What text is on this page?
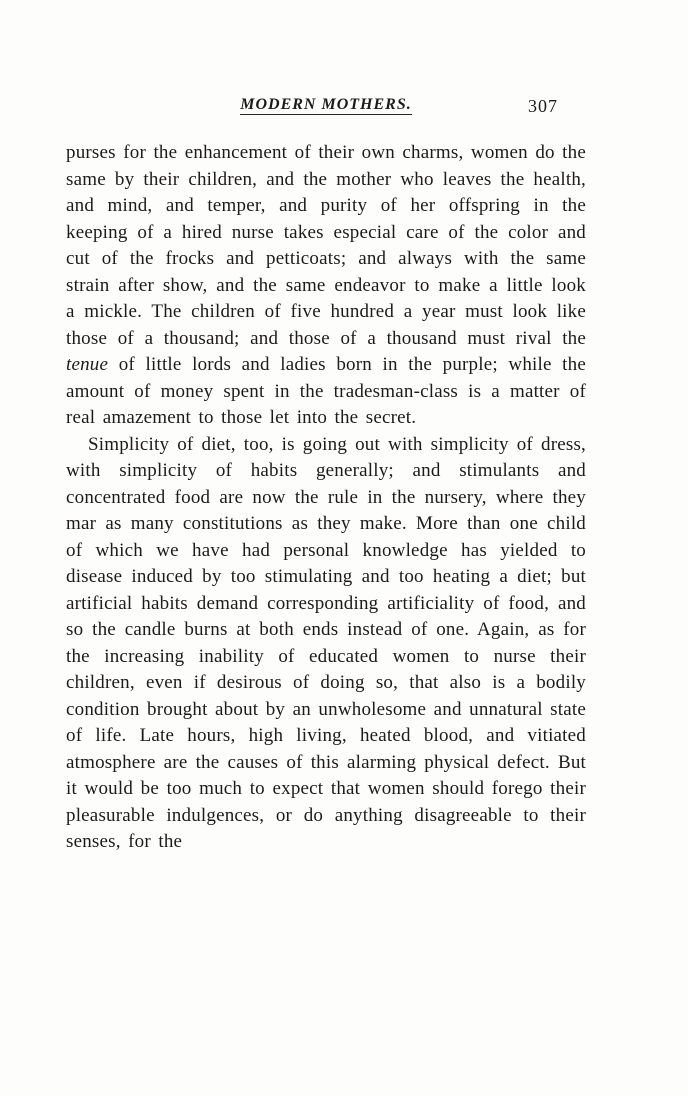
MODERN MOTHERS.	307

purses for the enhancement of their own charms, women do the same by their children, and the mother who leaves the health, and mind, and temper, and purity of her offspring in the keeping of a hired nurse takes especial care of the color and cut of the frocks and petticoats; and always with the same strain after show, and the same endeavor to make a little look a mickle. The children of five hundred a year must look like those of a thousand; and those of a thousand must rival the tenue of little lords and ladies born in the purple; while the amount of money spent in the tradesman-class is a matter of real amazement to those let into the secret.

Simplicity of diet, too, is going out with simplicity of dress, with simplicity of habits generally; and stimulants and concentrated food are now the rule in the nursery, where they mar as many constitutions as they make. More than one child of which we have had personal knowledge has yielded to disease induced by too stimulating and too heating a diet; but artificial habits demand corresponding artificiality of food, and so the candle burns at both ends instead of one. Again, as for the increasing inability of educated women to nurse their children, even if desirous of doing so, that also is a bodily condition brought about by an unwholesome and unnatural state of life. Late hours, high living, heated blood, and vitiated atmosphere are the causes of this alarming physical defect. But it would be too much to expect that women should forego their pleasurable indulgences, or do anything disagreeable to their senses, for the
